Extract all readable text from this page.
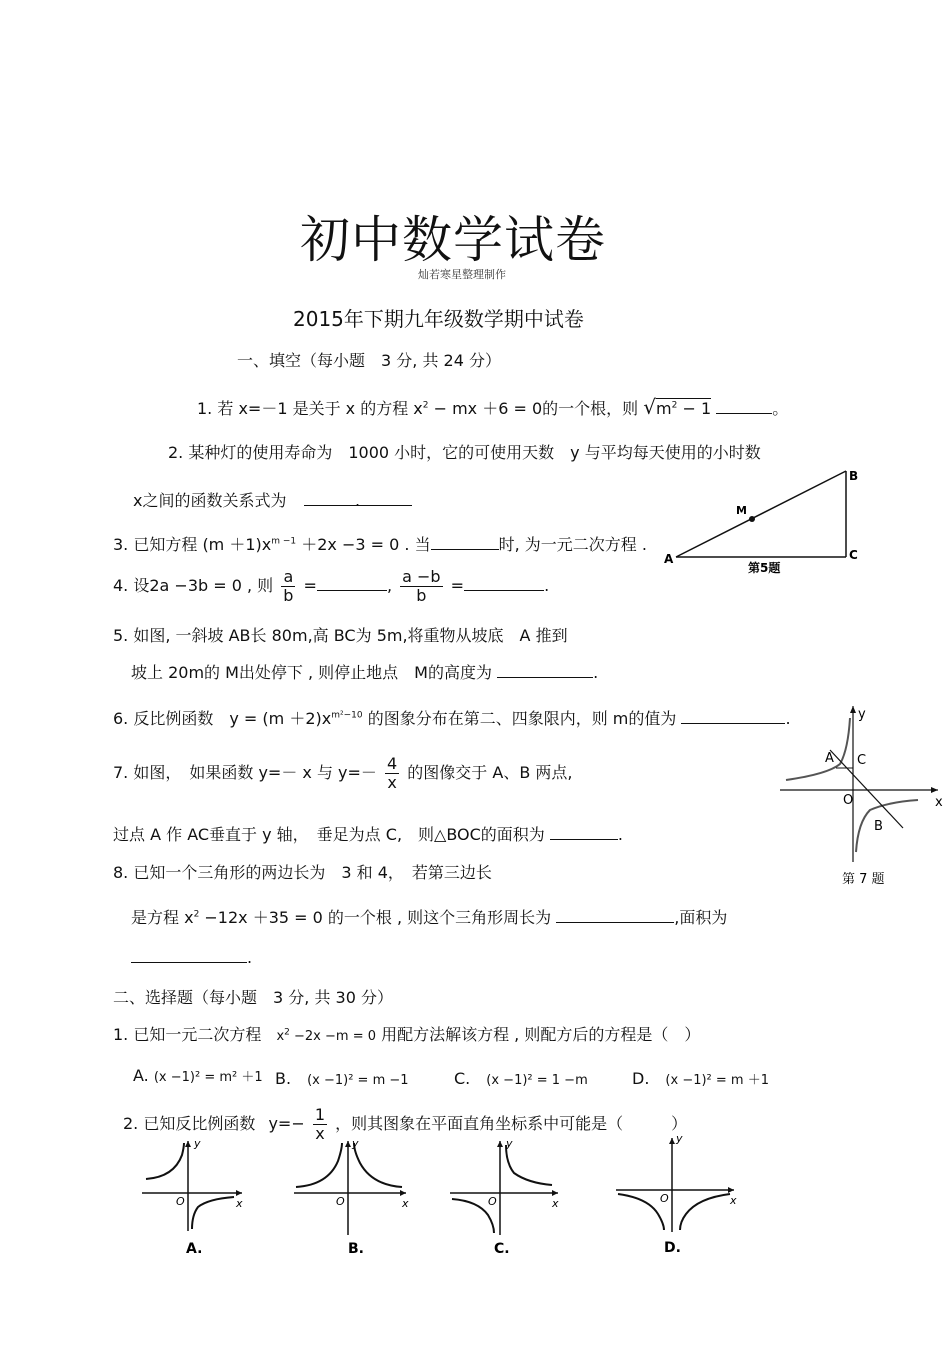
初中数学试卷
灿若寒星整理制作
2015年下期九年级数学期中试卷
一、填空（每小题　3 分, 共 24 分）
1. 若 x=－1 是关于 x 的方程 $x^2$ − mx ＋6 = 0的一个根，则 $√m^2 - 1$	。
2. 某种灯的使用寿命为　1000 小时，它的可使用天数　y 与平均每天使用的小时数
x之间的函数关系式为	.
3. 已知方程 $(m +1)x^{m -1} +2x -3 = 0$ . 当	时, 为一元二次方程 .
4. 设2a −3b = 0 , 则 $\frac{a}{b}$ =	, $\frac{a -b}{b}$ =	.
5. 如图, 一斜坡 AB长 80m,高 BC为 5m,将重物从坡底　A 推到
坡上 20m的 M出处停下 , 则停止地点　M的高度为	.
6. 反比例函数　$y = (m +2)x^{m^2-10}$ 的图象分布在第二、四象限内，则 m的值为	.
7. 如图，　如果函数 y=－ x 与 $y=- \frac{4}{x}$ 的图像交于 A、B 两点,
过点 A 作 AC垂直于 y 轴，　垂足为点 C,　则△BOC的面积为	.
8. 已知一个三角形的两边长为　3 和 4，　若第三边长
是方程 $x^2 -12x +35 = 0$ 的一个根 , 则这个三角形周长为	,面积为
.
A
B
C
M
第5题
y
x
A C
O
B
第 7 题
二、选择题（每小题　3 分, 共 30 分）
1. 已知一元二次方程 $x^2 -2x -m = 0$ 用配方法解该方程 , 则配方后的方程是（　）
A. (x −1)² = m² ＋1 B.　 (x −1)² = m −1	C.　 (x −1)² = 1 −m	D.　 (x −1)² = m ＋1
2. 已知反比例函数 $y=- \frac{1}{x}$ ，则其图象在平面直角坐标系中可能是（　　　）
y
x
O
A.
y
x
O
B.
y
x
O
C.
y
x
O
D.
